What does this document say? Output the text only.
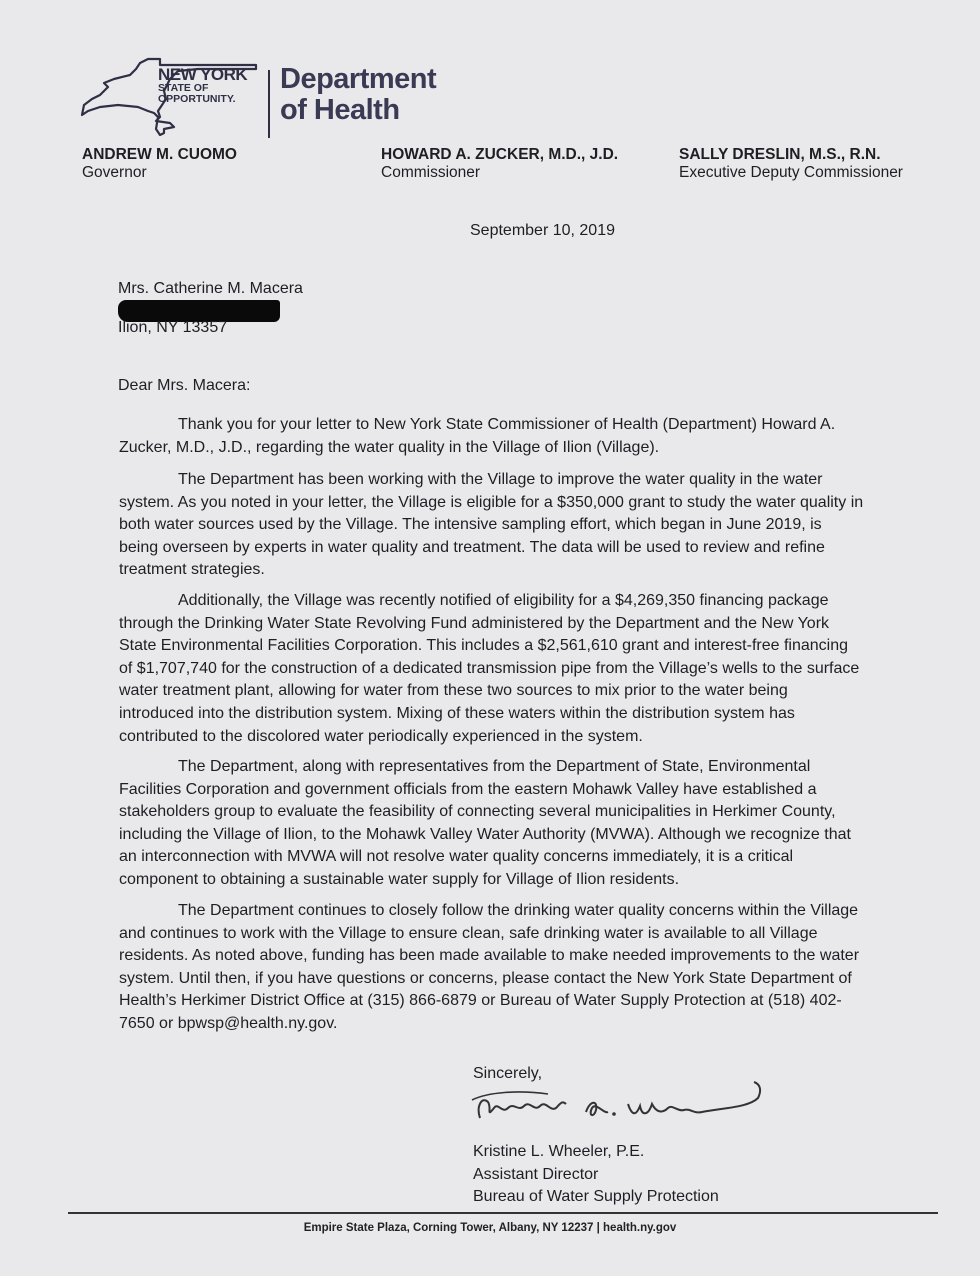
NEW YORK
STATE OF
OPPORTUNITY.
Department
of Health
ANDREW M. CUOMO
Governor
HOWARD A. ZUCKER, M.D., J.D.
Commissioner
SALLY DRESLIN, M.S., R.N.
Executive Deputy Commissioner
September 10, 2019
Mrs. Catherine M. Macera
Ilion, NY 13357
Dear Mrs. Macera:
Thank you for your letter to New York State Commissioner of Health (Department) Howard A. Zucker, M.D., J.D., regarding the water quality in the Village of Ilion (Village).
The Department has been working with the Village to improve the water quality in the water system. As you noted in your letter, the Village is eligible for a $350,000 grant to study the water quality in both water sources used by the Village. The intensive sampling effort, which began in June 2019, is being overseen by experts in water quality and treatment. The data will be used to review and refine treatment strategies.
Additionally, the Village was recently notified of eligibility for a $4,269,350 financing package through the Drinking Water State Revolving Fund administered by the Department and the New York State Environmental Facilities Corporation. This includes a $2,561,610 grant and interest-free financing of $1,707,740 for the construction of a dedicated transmission pipe from the Village’s wells to the surface water treatment plant, allowing for water from these two sources to mix prior to the water being introduced into the distribution system. Mixing of these waters within the distribution system has contributed to the discolored water periodically experienced in the system.
The Department, along with representatives from the Department of State, Environmental Facilities Corporation and government officials from the eastern Mohawk Valley have established a stakeholders group to evaluate the feasibility of connecting several municipalities in Herkimer County, including the Village of Ilion, to the Mohawk Valley Water Authority (MVWA). Although we recognize that an interconnection with MVWA will not resolve water quality concerns immediately, it is a critical component to obtaining a sustainable water supply for Village of Ilion residents.
The Department continues to closely follow the drinking water quality concerns within the Village and continues to work with the Village to ensure clean, safe drinking water is available to all Village residents. As noted above, funding has been made available to make needed improvements to the water system. Until then, if you have questions or concerns, please contact the New York State Department of Health’s Herkimer District Office at (315) 866-6879 or Bureau of Water Supply Protection at (518) 402-7650 or bpwsp@health.ny.gov.
Sincerely,
Kristine L. Wheeler, P.E.
Assistant Director
Bureau of Water Supply Protection
Empire State Plaza, Corning Tower, Albany, NY 12237 | health.ny.gov
